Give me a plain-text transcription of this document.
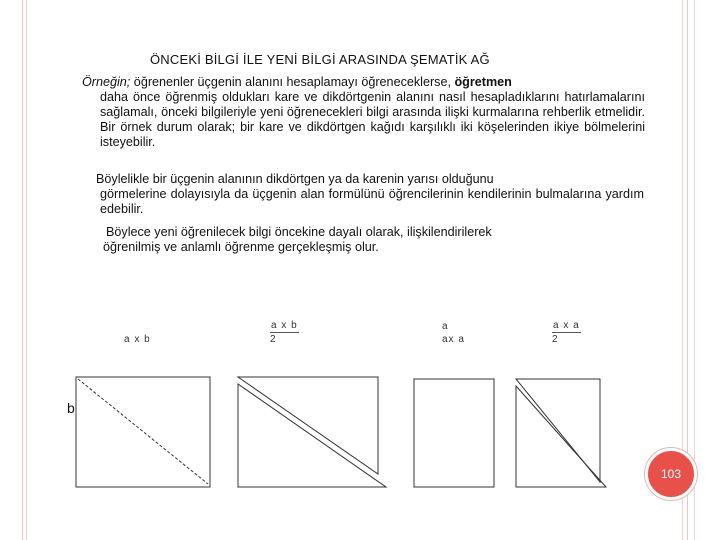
ÖNCEKİ BİLGİ İLE YENİ BİLGİ ARASINDA ŞEMATİK AĞ
Örneğin; öğrenenler üçgenin alanını hesaplamayı öğreneceklerse, öğretmen
daha önce öğrenmiş oldukları kare ve dikdörtgenin alanını nasıl hesapladıklarını hatırlamalarını sağlamalı, önceki bilgileriyle yeni öğrenecekleri bilgi arasında ilişki kurmalarına rehberlik etmelidir. Bir örnek durum olarak; bir kare ve dikdörtgen kağıdı karşılıklı iki köşelerinden ikiye bölmelerini isteyebilir.
Böylelikle bir üçgenin alanının dikdörtgen ya da karenin yarısı olduğunu
görmelerine dolayısıyla da üçgenin alan formülünü öğrencilerinin kendilerinin bulmalarına yardım edebilir.
Böylece yeni öğrenilecek bilgi öncekine dayalı olarak, ilişkilendirilerek
öğrenilmiş ve anlamlı öğrenme gerçekleşmiş olur.
a x b	$\frac{\text{a x b}}{2}$	a
ax a	$\frac{\text{a x a}}{2}$
b
103
